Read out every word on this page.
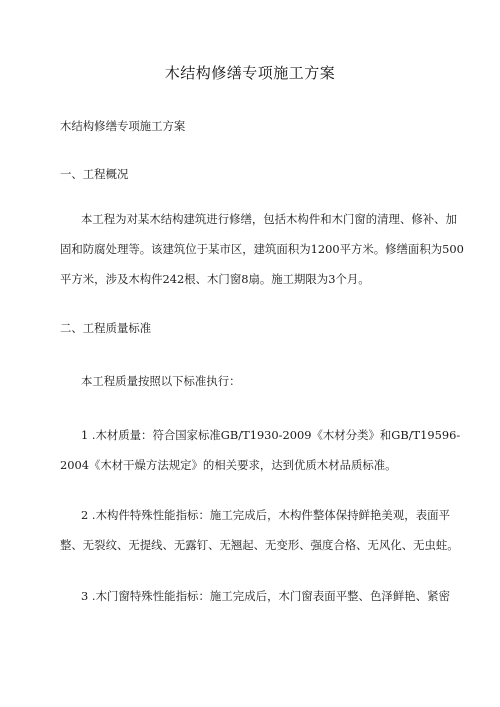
木结构修缮专项施工方案
木结构修缮专项施工方案
一、工程概况
本工程为对某木结构建筑进行修缮，包括木构件和木门窗的清理、修补、加
固和防腐处理等。该建筑位于某市区，建筑面积为1200平方米。修缮面积为500
平方米，涉及木构件242根、木门窗8扇。施工期限为3个月。
二、工程质量标准
本工程质量按照以下标准执行：
1 .木材质量：符合国家标准GB/T1930-2009《木材分类》和GB/T19596-
2004《木材干燥方法规定》的相关要求，达到优质木材品质标准。
2 .木构件特殊性能指标：施工完成后，木构件整体保持鲜艳美观，表面平
整、无裂纹、无提线、无露钉、无翘起、无变形、强度合格、无风化、无虫蛀。
3 .木门窗特殊性能指标：施工完成后，木门窗表面平整、色泽鲜艳、紧密
